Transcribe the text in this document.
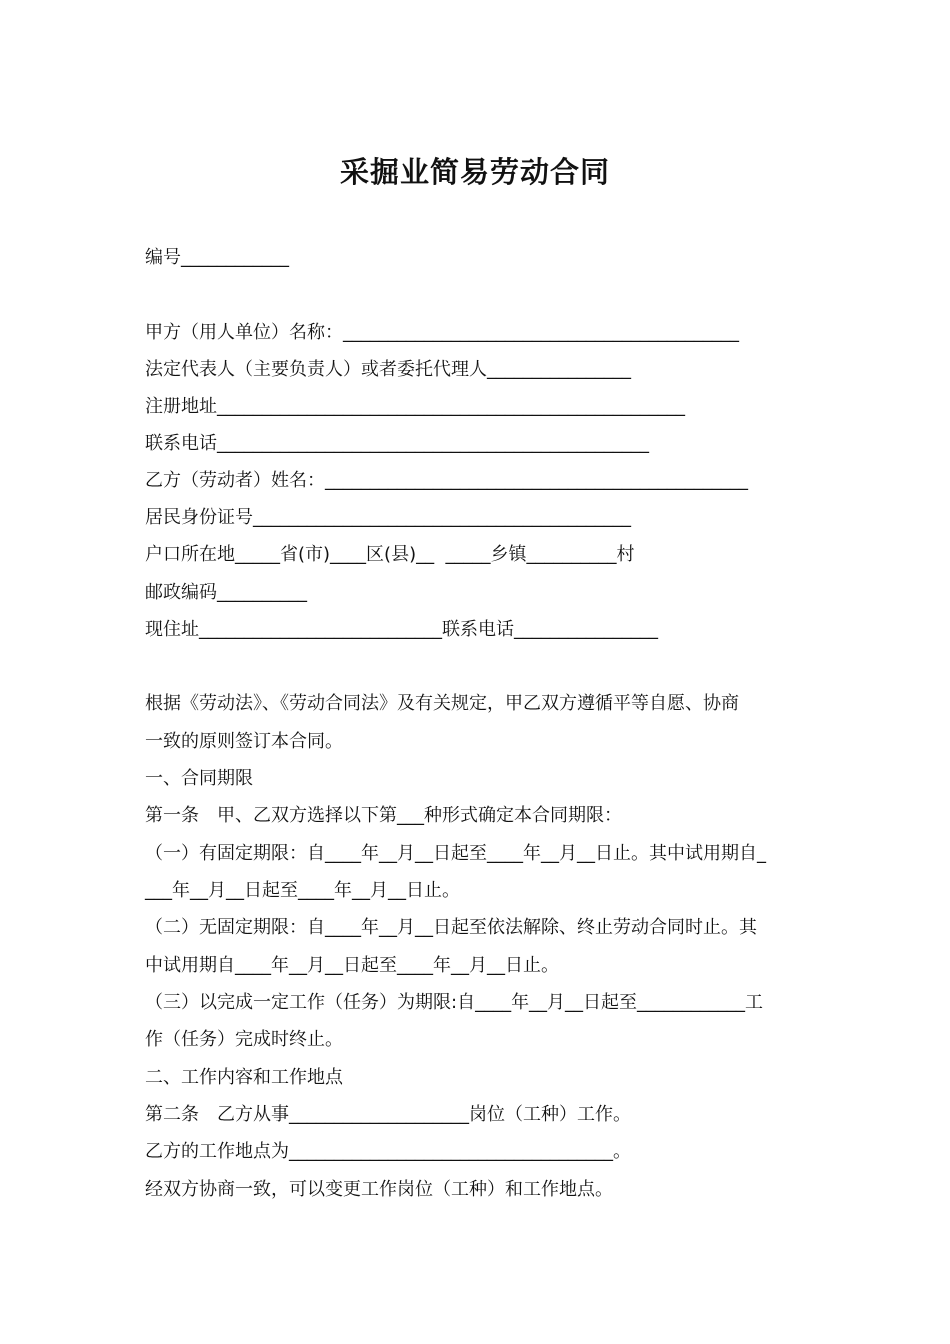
采掘业简易劳动合同
编号____________
甲方（用人单位）名称：____________________________________________
法定代表人（主要负责人）或者委托代理人________________
注册地址____________________________________________________
联系电话________________________________________________
乙方（劳动者）姓名：_______________________________________________
居民身份证号__________________________________________
户口所在地_____省(市)____区(县)__  _____乡镇__________村
邮政编码__________
现住址___________________________联系电话________________
根据《劳动法》、《劳动合同法》及有关规定，甲乙双方遵循平等自愿、协商
一致的原则签订本合同。
一、合同期限
第一条　甲、乙双方选择以下第___种形式确定本合同期限：
（一）有固定期限：自____年__月__日起至____年__月__日止。其中试用期自_
___年__月__日起至____年__月__日止。
（二）无固定期限：自____年__月__日起至依法解除、终止劳动合同时止。其
中试用期自____年__月__日起至____年__月__日止。
（三）以完成一定工作（任务）为期限:自____年__月__日起至____________工
作（任务）完成时终止。
二、工作内容和工作地点
第二条　乙方从事____________________岗位（工种）工作。
乙方的工作地点为____________________________________。
经双方协商一致，可以变更工作岗位（工种）和工作地点。
